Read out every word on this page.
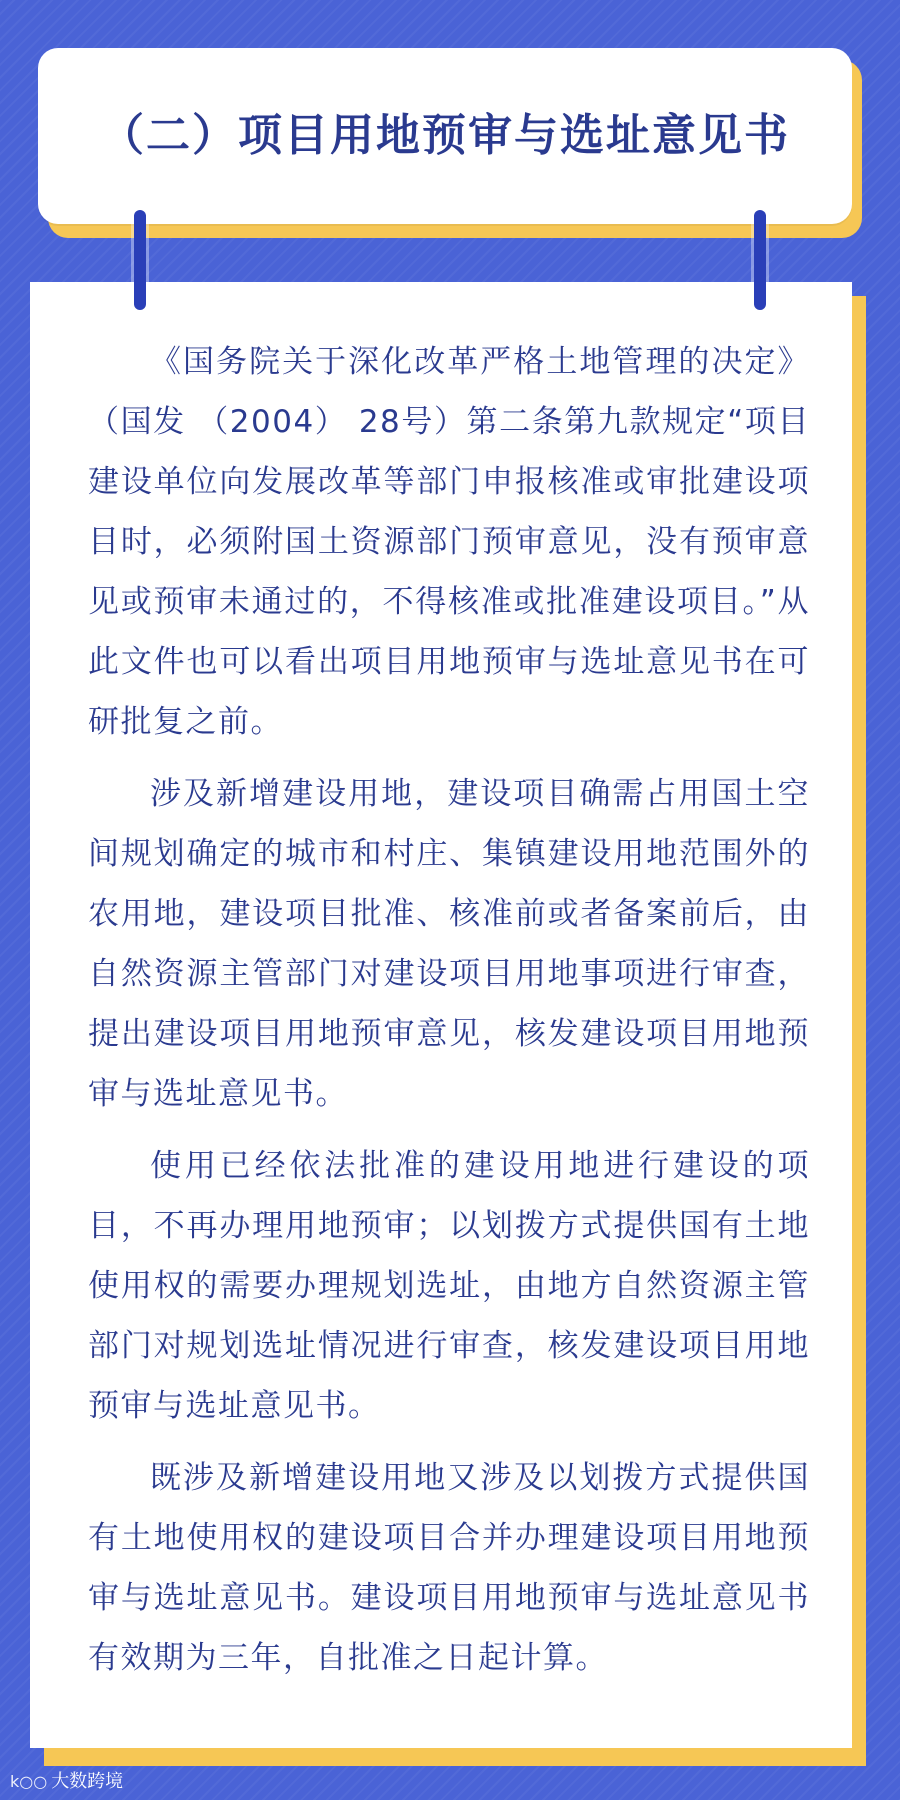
（二）项目用地预审与选址意见书

《国务院关于深化改革严格土地管理的决定》（国发 （2004） 28号）第二条第九款规定“项目建设单位向发展改革等部门申报核准或审批建设项目时，必须附国土资源部门预审意见，没有预审意见或预审未通过的，不得核准或批准建设项目。”从此文件也可以看出项目用地预审与选址意见书在可研批复之前。

涉及新增建设用地，建设项目确需占用国土空间规划确定的城市和村庄、集镇建设用地范围外的农用地，建设项目批准、核准前或者备案前后，由自然资源主管部门对建设项目用地事项进行审查，提出建设项目用地预审意见，核发建设项目用地预审与选址意见书。

使用已经依法批准的建设用地进行建设的项目，不再办理用地预审；以划拨方式提供国有土地使用权的需要办理规划选址，由地方自然资源主管部门对规划选址情况进行审查，核发建设项目用地预审与选址意见书。

既涉及新增建设用地又涉及以划拨方式提供国有土地使用权的建设项目合并办理建设项目用地预审与选址意见书。建设项目用地预审与选址意见书有效期为三年，自批准之日起计算。

k○○ 大数跨境
